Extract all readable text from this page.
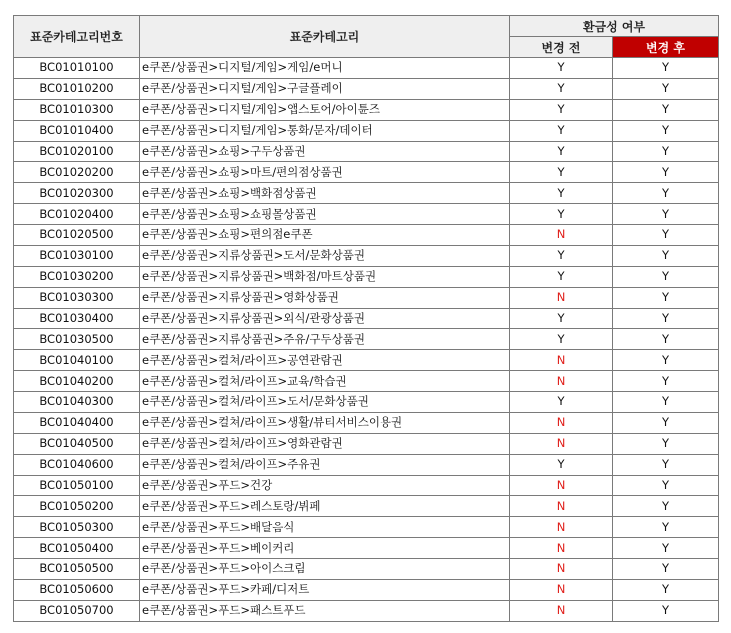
표준카테고리번호	표준카테고리	환금성 여부	
		변경 전	변경 후
BC01010100	e쿠폰/상품권>디지털/게임>게임/e머니	Y	Y
BC01010200	e쿠폰/상품권>디지털/게임>구글플레이	Y	Y
BC01010300	e쿠폰/상품권>디지털/게임>앱스토어/아이튠즈	Y	Y
BC01010400	e쿠폰/상품권>디지털/게임>통화/문자/데이터	Y	Y
BC01020100	e쿠폰/상품권>쇼핑>구두상품권	Y	Y
BC01020200	e쿠폰/상품권>쇼핑>마트/편의점상품권	Y	Y
BC01020300	e쿠폰/상품권>쇼핑>백화점상품권	Y	Y
BC01020400	e쿠폰/상품권>쇼핑>쇼핑몰상품권	Y	Y
BC01020500	e쿠폰/상품권>쇼핑>편의점e쿠폰	N	Y
BC01030100	e쿠폰/상품권>지류상품권>도서/문화상품권	Y	Y
BC01030200	e쿠폰/상품권>지류상품권>백화점/마트상품권	Y	Y
BC01030300	e쿠폰/상품권>지류상품권>영화상품권	N	Y
BC01030400	e쿠폰/상품권>지류상품권>외식/관광상품권	Y	Y
BC01030500	e쿠폰/상품권>지류상품권>주유/구두상품권	Y	Y
BC01040100	e쿠폰/상품권>컬쳐/라이프>공연관람권	N	Y
BC01040200	e쿠폰/상품권>컬쳐/라이프>교육/학습권	N	Y
BC01040300	e쿠폰/상품권>컬쳐/라이프>도서/문화상품권	Y	Y
BC01040400	e쿠폰/상품권>컬쳐/라이프>생활/뷰티서비스이용권	N	Y
BC01040500	e쿠폰/상품권>컬쳐/라이프>영화관람권	N	Y
BC01040600	e쿠폰/상품권>컬쳐/라이프>주유권	Y	Y
BC01050100	e쿠폰/상품권>푸드>건강	N	Y
BC01050200	e쿠폰/상품권>푸드>레스토랑/뷔페	N	Y
BC01050300	e쿠폰/상품권>푸드>배달음식	N	Y
BC01050400	e쿠폰/상품권>푸드>베이커리	N	Y
BC01050500	e쿠폰/상품권>푸드>아이스크림	N	Y
BC01050600	e쿠폰/상품권>푸드>카페/디저트	N	Y
BC01050700	e쿠폰/상품권>푸드>패스트푸드	N	Y
